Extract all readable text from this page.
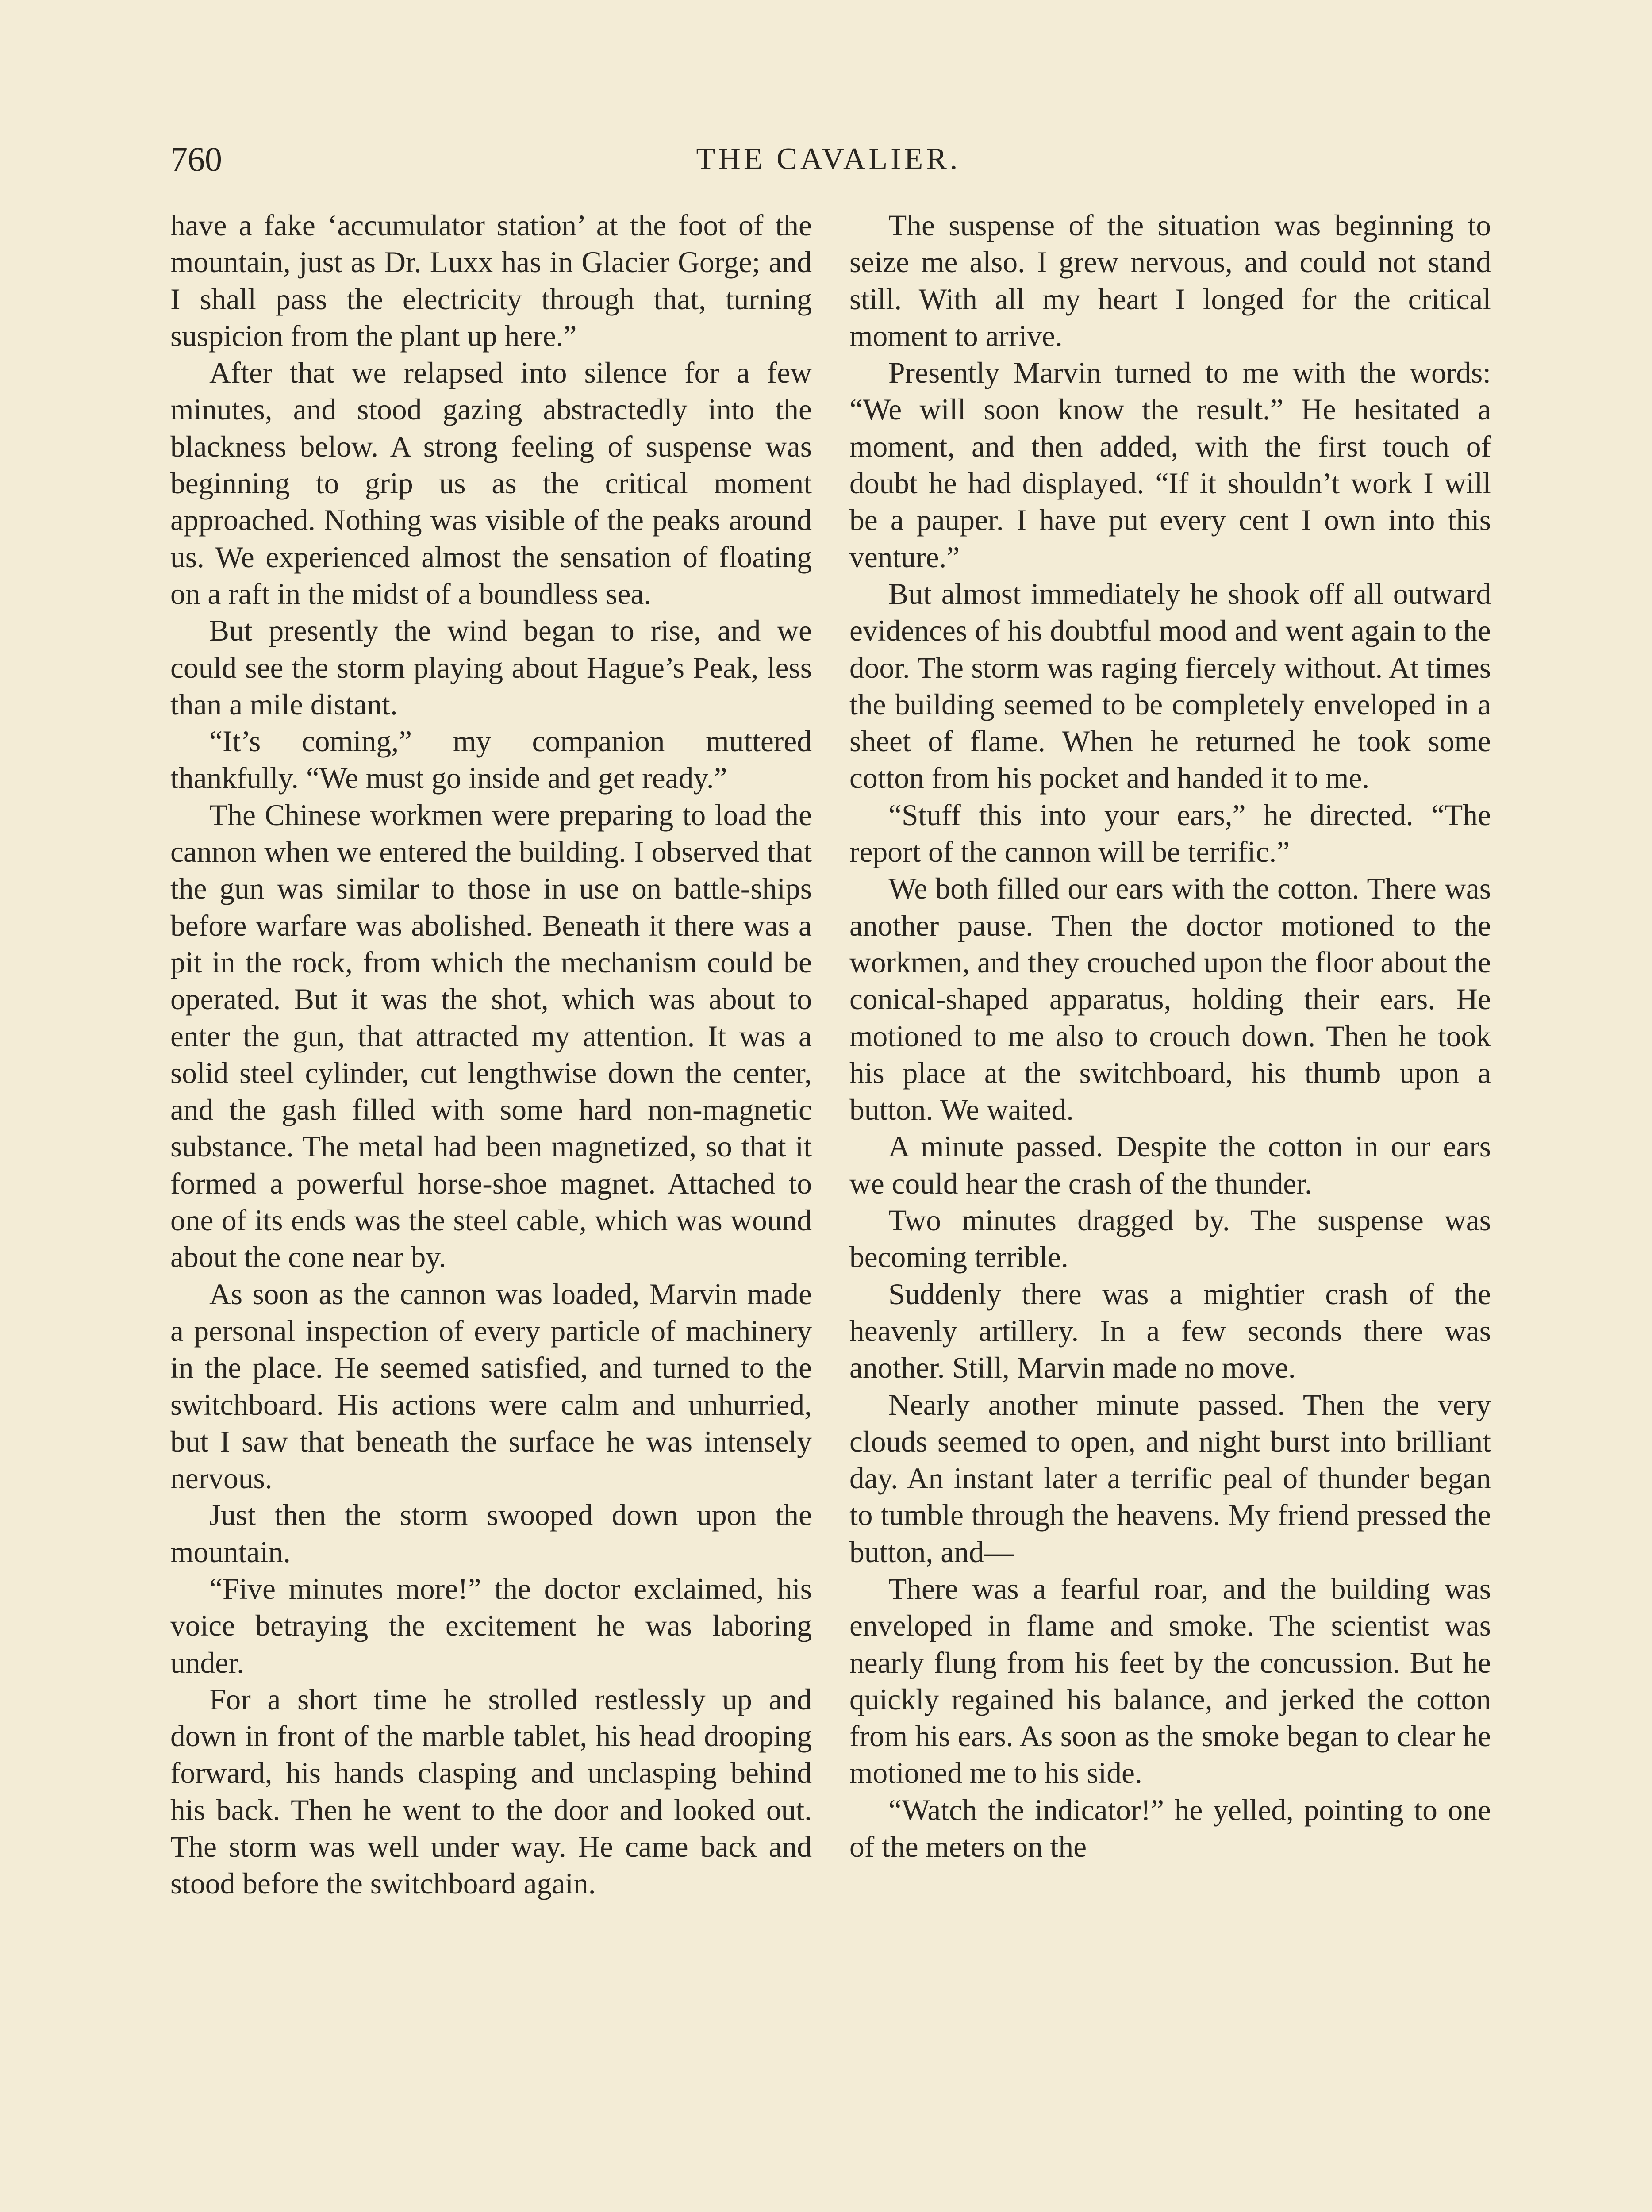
760	THE CAVALIER.

have a fake ‘accumulator station’ at the foot of the mountain, just as Dr. Luxx has in Glacier Gorge; and I shall pass the electricity through that, turning suspicion from the plant up here.”

After that we relapsed into silence for a few minutes, and stood gazing abstractedly into the blackness below. A strong feeling of suspense was beginning to grip us as the critical moment approached. Nothing was visible of the peaks around us. We experienced almost the sensation of floating on a raft in the midst of a boundless sea.

But presently the wind began to rise, and we could see the storm playing about Hague’s Peak, less than a mile distant.

“It’s coming,” my companion muttered thankfully. “We must go inside and get ready.”

The Chinese workmen were preparing to load the cannon when we entered the building. I observed that the gun was similar to those in use on battle-ships before warfare was abolished. Beneath it there was a pit in the rock, from which the mechanism could be operated. But it was the shot, which was about to enter the gun, that attracted my attention. It was a solid steel cylinder, cut lengthwise down the center, and the gash filled with some hard non-magnetic substance. The metal had been magnetized, so that it formed a powerful horse-shoe magnet. Attached to one of its ends was the steel cable, which was wound about the cone near by.

As soon as the cannon was loaded, Marvin made a personal inspection of every particle of machinery in the place. He seemed satisfied, and turned to the switchboard. His actions were calm and unhurried, but I saw that beneath the surface he was intensely nervous.

Just then the storm swooped down upon the mountain.

“Five minutes more!” the doctor exclaimed, his voice betraying the excitement he was laboring under.

For a short time he strolled restlessly up and down in front of the marble tablet, his head drooping forward, his hands clasping and unclasping behind his back. Then he went to the door and looked out. The storm was well under way. He came back and stood before the switchboard again.

The suspense of the situation was beginning to seize me also. I grew nervous, and could not stand still. With all my heart I longed for the critical moment to arrive.

Presently Marvin turned to me with the words: “We will soon know the result.” He hesitated a moment, and then added, with the first touch of doubt he had displayed. “If it shouldn’t work I will be a pauper. I have put every cent I own into this venture.”

But almost immediately he shook off all outward evidences of his doubtful mood and went again to the door. The storm was raging fiercely without. At times the building seemed to be completely enveloped in a sheet of flame. When he returned he took some cotton from his pocket and handed it to me.

“Stuff this into your ears,” he directed. “The report of the cannon will be terrific.”

We both filled our ears with the cotton. There was another pause. Then the doctor motioned to the workmen, and they crouched upon the floor about the conical-shaped apparatus, holding their ears. He motioned to me also to crouch down. Then he took his place at the switchboard, his thumb upon a button. We waited.

A minute passed. Despite the cotton in our ears we could hear the crash of the thunder.

Two minutes dragged by. The suspense was becoming terrible.

Suddenly there was a mightier crash of the heavenly artillery. In a few seconds there was another. Still, Marvin made no move.

Nearly another minute passed. Then the very clouds seemed to open, and night burst into brilliant day. An instant later a terrific peal of thunder began to tumble through the heavens. My friend pressed the button, and—

There was a fearful roar, and the building was enveloped in flame and smoke. The scientist was nearly flung from his feet by the concussion. But he quickly regained his balance, and jerked the cotton from his ears. As soon as the smoke began to clear he motioned me to his side.

“Watch the indicator!” he yelled, pointing to one of the meters on the
